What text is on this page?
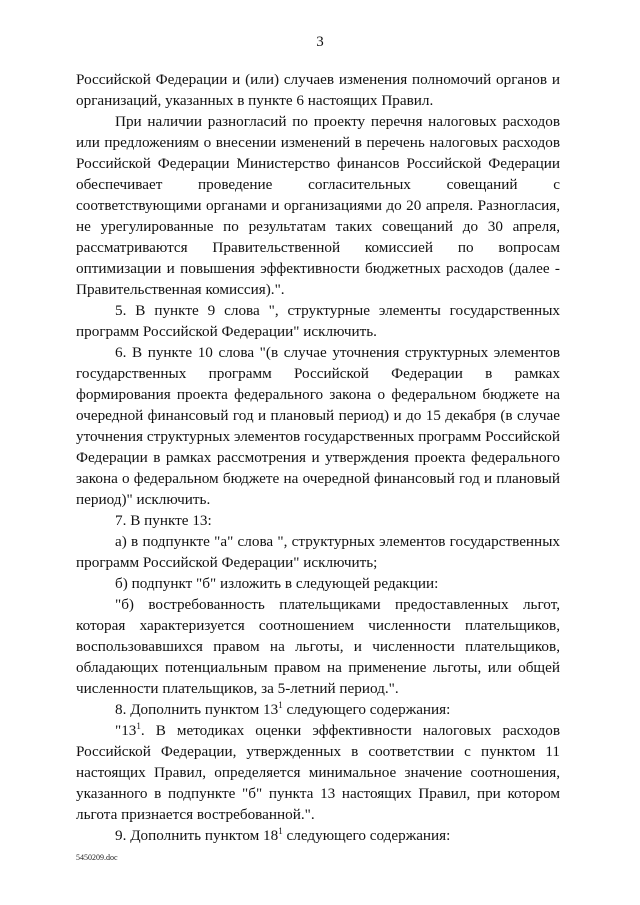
3

Российской Федерации и (или) случаев изменения полномочий органов и организаций, указанных в пункте 6 настоящих Правил.

При наличии разногласий по проекту перечня налоговых расходов или предложениям о внесении изменений в перечень налоговых расходов Российской Федерации Министерство финансов Российской Федерации обеспечивает проведение согласительных совещаний с соответствующими органами и организациями до 20 апреля. Разногласия, не урегулированные по результатам таких совещаний до 30 апреля, рассматриваются Правительственной комиссией по вопросам оптимизации и повышения эффективности бюджетных расходов (далее - Правительственная комиссия).".

5. В пункте 9 слова ", структурные элементы государственных программ Российской Федерации" исключить.

6. В пункте 10 слова "(в случае уточнения структурных элементов государственных программ Российской Федерации в рамках формирования проекта федерального закона о федеральном бюджете на очередной финансовый год и плановый период) и до 15 декабря (в случае уточнения структурных элементов государственных программ Российской Федерации в рамках рассмотрения и утверждения проекта федерального закона о федеральном бюджете на очередной финансовый год и плановый период)" исключить.

7. В пункте 13:

а) в подпункте "а" слова ", структурных элементов государственных программ Российской Федерации" исключить;

б) подпункт "б" изложить в следующей редакции:

"б) востребованность плательщиками предоставленных льгот, которая характеризуется соотношением численности плательщиков, воспользовавшихся правом на льготы, и численности плательщиков, обладающих потенциальным правом на применение льготы, или общей численности плательщиков, за 5-летний период.".

8. Дополнить пунктом $13^1$ следующего содержания:

"$13^1$. В методиках оценки эффективности налоговых расходов Российской Федерации, утвержденных в соответствии с пунктом 11 настоящих Правил, определяется минимальное значение соотношения, указанного в подпункте "б" пункта 13 настоящих Правил, при котором льгота признается востребованной.".

9. Дополнить пунктом $18^1$ следующего содержания:

5450209.doc
